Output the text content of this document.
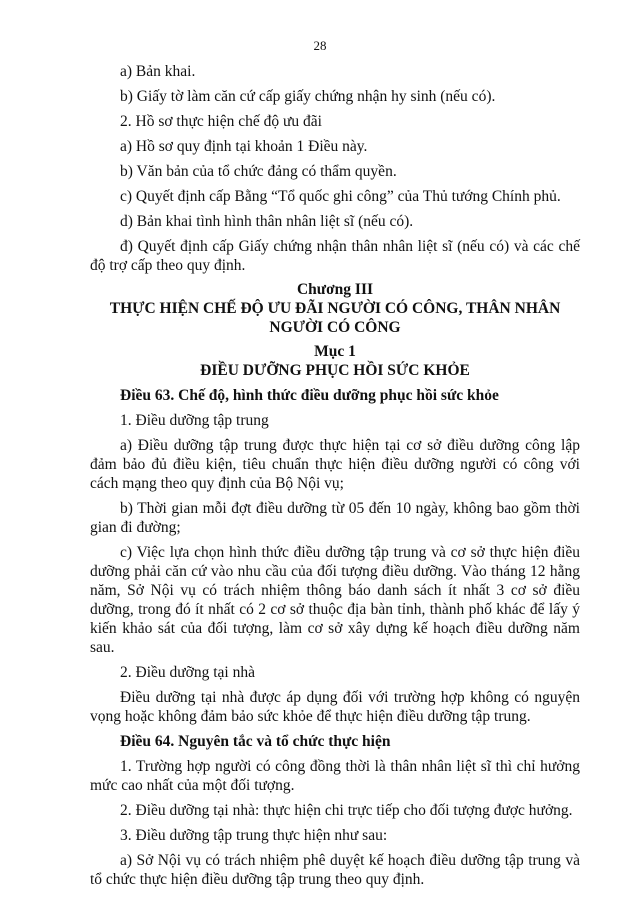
28

a) Bản khai.

b) Giấy tờ làm căn cứ cấp giấy chứng nhận hy sinh (nếu có).

2. Hồ sơ thực hiện chế độ ưu đãi

a) Hồ sơ quy định tại khoản 1 Điều này.

b) Văn bản của tổ chức đảng có thẩm quyền.

c) Quyết định cấp Bằng “Tổ quốc ghi công” của Thủ tướng Chính phủ.

d) Bản khai tình hình thân nhân liệt sĩ (nếu có).

đ) Quyết định cấp Giấy chứng nhận thân nhân liệt sĩ (nếu có) và các chế độ trợ cấp theo quy định.

Chương III

THỰC HIỆN CHẾ ĐỘ ƯU ĐÃI NGƯỜI CÓ CÔNG, THÂN NHÂN NGƯỜI CÓ CÔNG

Mục 1

ĐIỀU DƯỠNG PHỤC HỒI SỨC KHỎE

Điều 63. Chế độ, hình thức điều dưỡng phục hồi sức khỏe

1. Điều dưỡng tập trung

a) Điều dưỡng tập trung được thực hiện tại cơ sở điều dưỡng công lập đảm bảo đủ điều kiện, tiêu chuẩn thực hiện điều dưỡng người có công với cách mạng theo quy định của Bộ Nội vụ;

b) Thời gian mỗi đợt điều dưỡng từ 05 đến 10 ngày, không bao gồm thời gian đi đường;

c) Việc lựa chọn hình thức điều dưỡng tập trung và cơ sở thực hiện điều dưỡng phải căn cứ vào nhu cầu của đối tượng điều dưỡng. Vào tháng 12 hằng năm, Sở Nội vụ có trách nhiệm thông báo danh sách ít nhất 3 cơ sở điều dưỡng, trong đó ít nhất có 2 cơ sở thuộc địa bàn tỉnh, thành phố khác để lấy ý kiến khảo sát của đối tượng, làm cơ sở xây dựng kế hoạch điều dưỡng năm sau.

2. Điều dưỡng tại nhà

Điều dưỡng tại nhà được áp dụng đối với trường hợp không có nguyện vọng hoặc không đảm bảo sức khỏe để thực hiện điều dưỡng tập trung.

Điều 64. Nguyên tắc và tổ chức thực hiện

1. Trường hợp người có công đồng thời là thân nhân liệt sĩ thì chỉ hưởng mức cao nhất của một đối tượng.

2. Điều dưỡng tại nhà: thực hiện chi trực tiếp cho đối tượng được hưởng.

3. Điều dưỡng tập trung thực hiện như sau:

a) Sở Nội vụ có trách nhiệm phê duyệt kế hoạch điều dưỡng tập trung và tổ chức thực hiện điều dưỡng tập trung theo quy định.
